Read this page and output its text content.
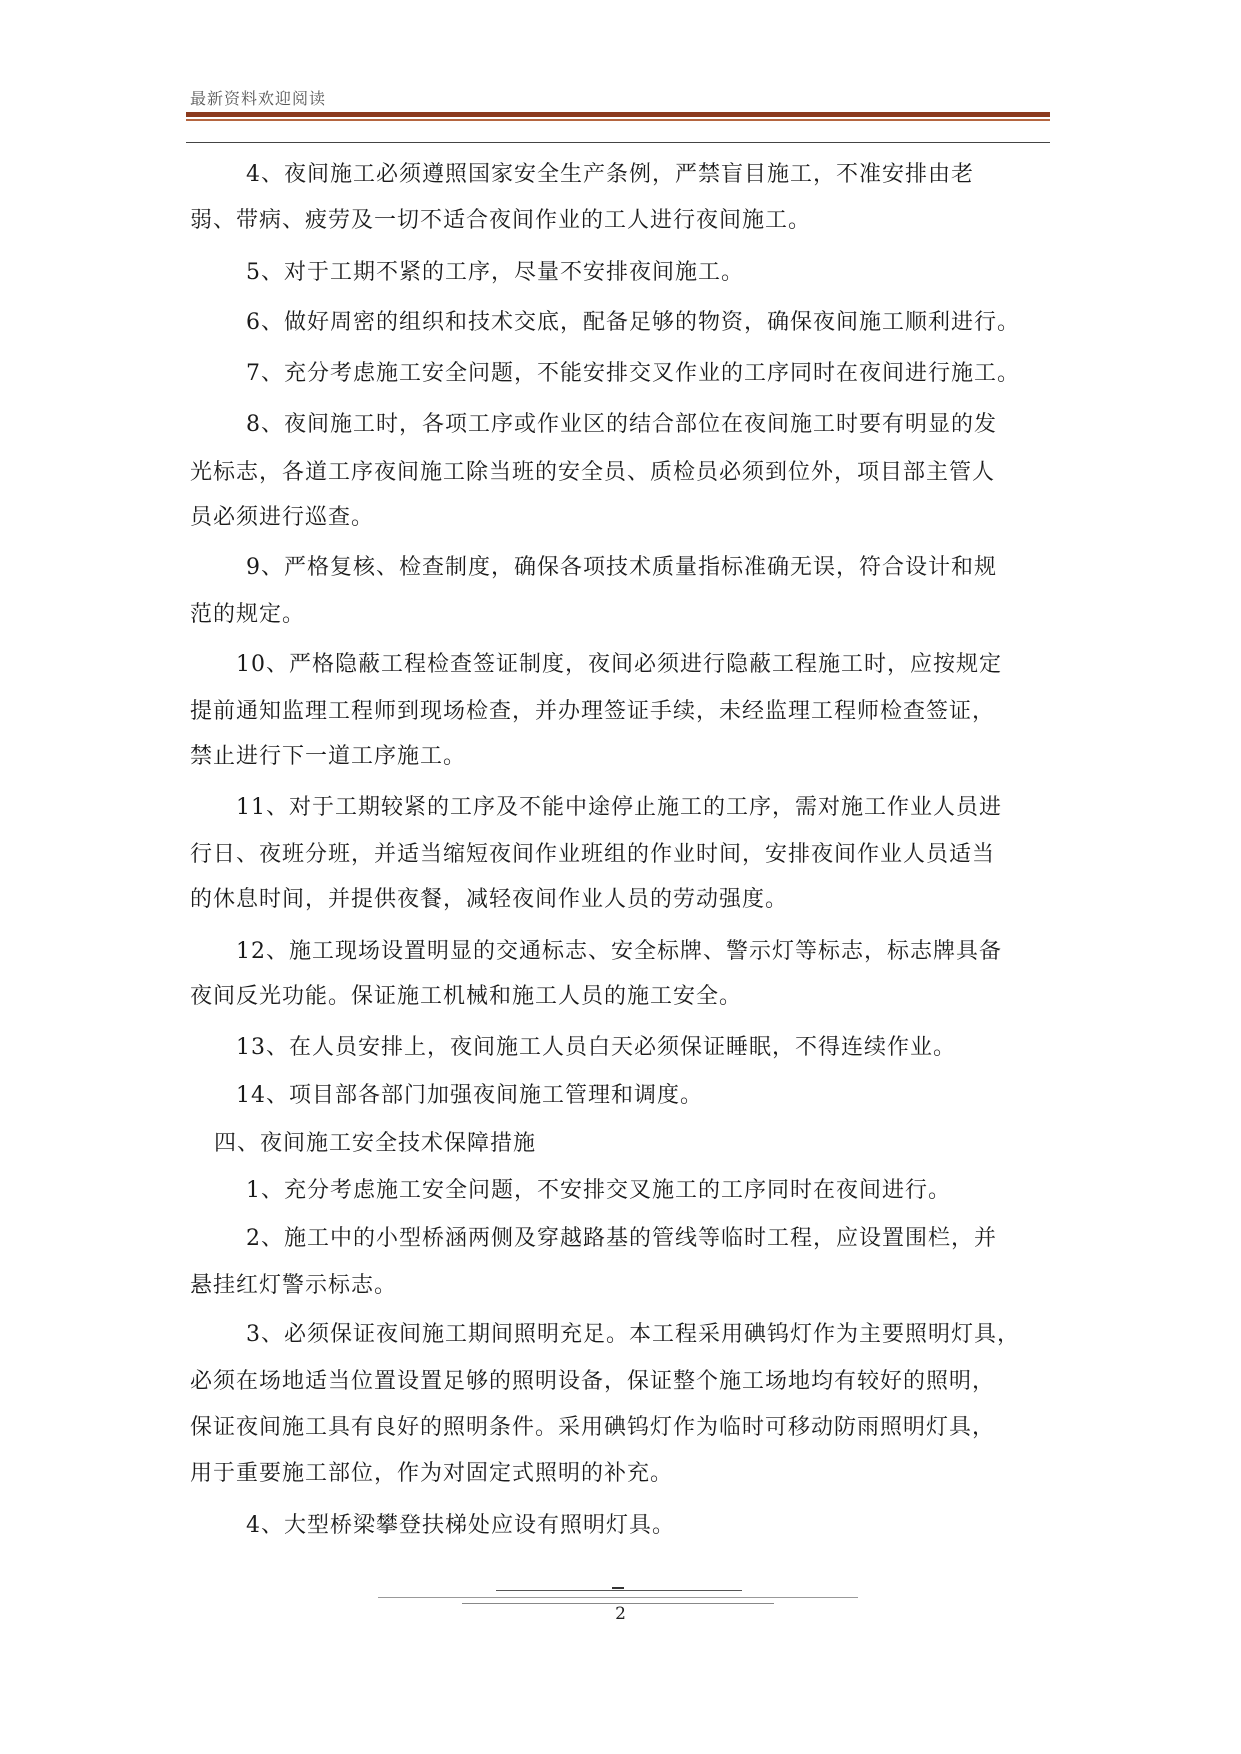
最新资料欢迎阅读
4、夜间施工必须遵照国家安全生产条例，严禁盲目施工，不准安排由老
弱、带病、疲劳及一切不适合夜间作业的工人进行夜间施工。
5、对于工期不紧的工序，尽量不安排夜间施工。
6、做好周密的组织和技术交底，配备足够的物资，确保夜间施工顺利进行。
7、充分考虑施工安全问题，不能安排交叉作业的工序同时在夜间进行施工。
8、夜间施工时，各项工序或作业区的结合部位在夜间施工时要有明显的发
光标志，各道工序夜间施工除当班的安全员、质检员必须到位外，项目部主管人
员必须进行巡查。
9、严格复核、检查制度，确保各项技术质量指标准确无误，符合设计和规
范的规定。
10、严格隐蔽工程检查签证制度，夜间必须进行隐蔽工程施工时，应按规定
提前通知监理工程师到现场检查，并办理签证手续，未经监理工程师检查签证，
禁止进行下一道工序施工。
11、对于工期较紧的工序及不能中途停止施工的工序，需对施工作业人员进
行日、夜班分班，并适当缩短夜间作业班组的作业时间，安排夜间作业人员适当
的休息时间，并提供夜餐，减轻夜间作业人员的劳动强度。
12、施工现场设置明显的交通标志、安全标牌、警示灯等标志，标志牌具备
夜间反光功能。保证施工机械和施工人员的施工安全。
13、在人员安排上，夜间施工人员白天必须保证睡眠，不得连续作业。
14、项目部各部门加强夜间施工管理和调度。
四、夜间施工安全技术保障措施
1、充分考虑施工安全问题，不安排交叉施工的工序同时在夜间进行。
2、施工中的小型桥涵两侧及穿越路基的管线等临时工程，应设置围栏，并
悬挂红灯警示标志。
3、必须保证夜间施工期间照明充足。本工程采用碘钨灯作为主要照明灯具，
必须在场地适当位置设置足够的照明设备，保证整个施工场地均有较好的照明，
保证夜间施工具有良好的照明条件。采用碘钨灯作为临时可移动防雨照明灯具，
用于重要施工部位，作为对固定式照明的补充。
4、大型桥梁攀登扶梯处应设有照明灯具。
2
